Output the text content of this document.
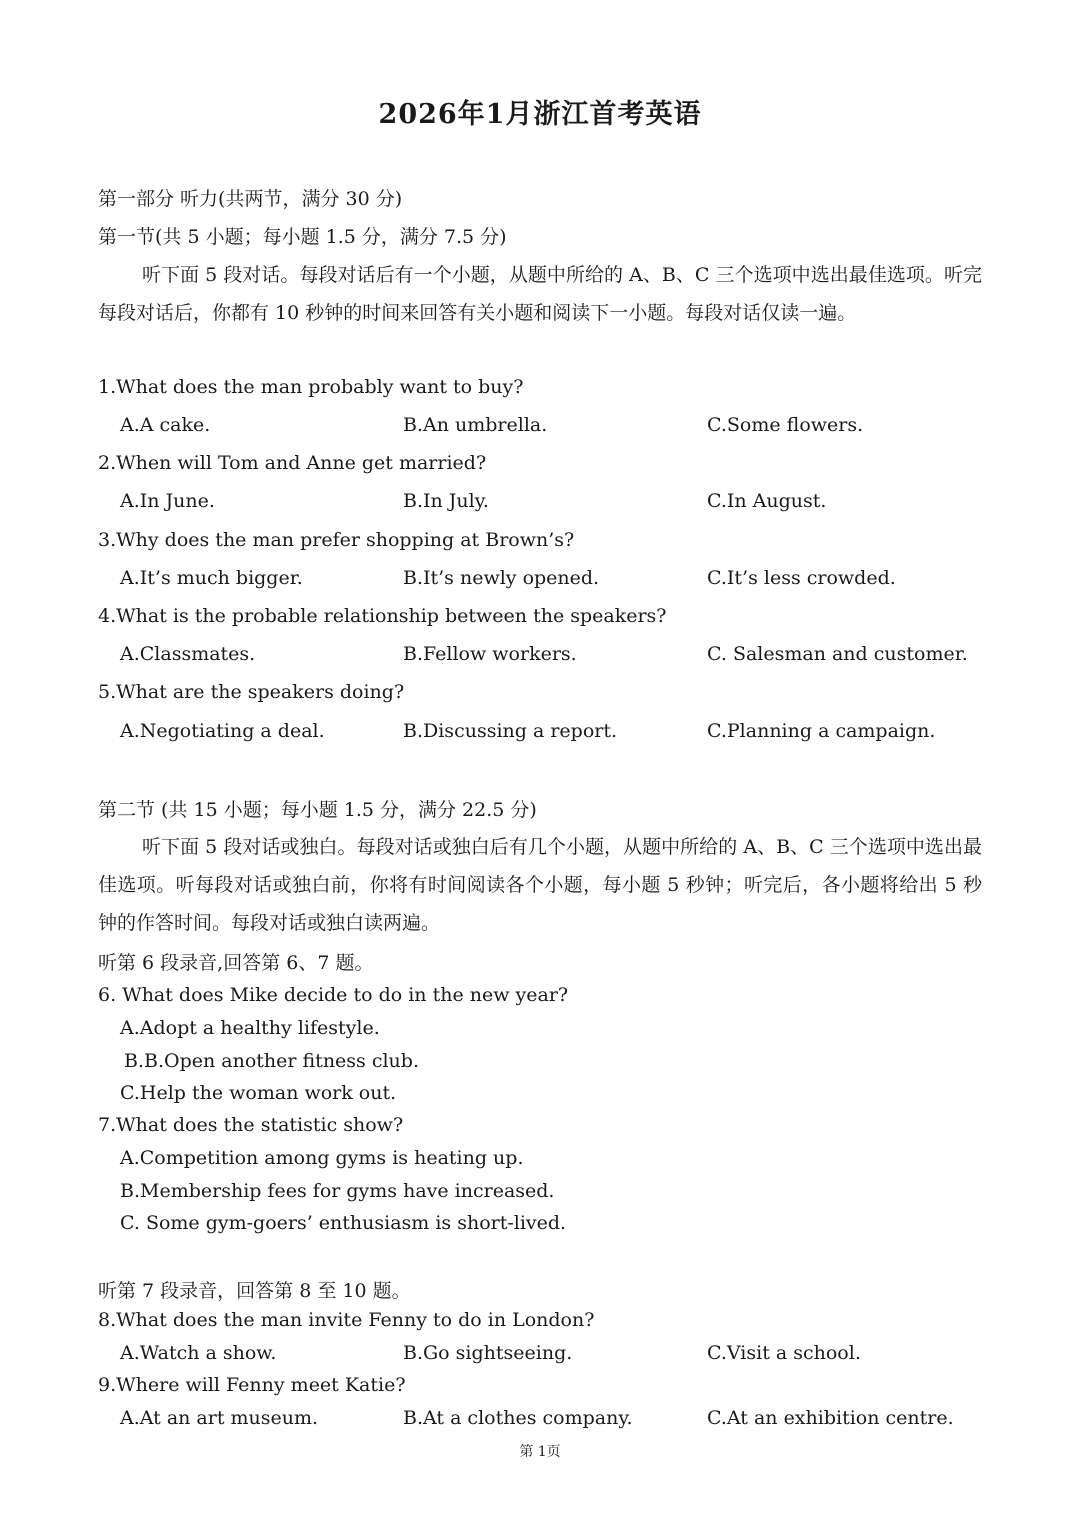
2026年1月浙江首考英语
第一部分 听力(共两节，满分 30 分)
第一节(共 5 小题；每小题 1.5 分，满分 7.5 分)
听下面 5 段对话。每段对话后有一个小题，从题中所给的 A、B、C 三个选项中选出最佳选项。听完每段对话后，你都有 10 秒钟的时间来回答有关小题和阅读下一小题。每段对话仅读一遍。
1.What does the man probably want to buy?
A.A cake.	B.An umbrella.	C.Some flowers.
2.When will Tom and Anne get married?
A.In June.	B.In July.	C.In August.
3.Why does the man prefer shopping at Brown’s?
A.It’s much bigger.	B.It’s newly opened.	C.It’s less crowded.
4.What is the probable relationship between the speakers?
A.Classmates.	B.Fellow workers.	C. Salesman and customer.
5.What are the speakers doing?
A.Negotiating a deal.	B.Discussing a report.	C.Planning a campaign.
第二节 (共 15 小题；每小题 1.5 分，满分 22.5 分)
听下面 5 段对话或独白。每段对话或独白后有几个小题，从题中所给的 A、B、C 三个选项中选出最佳选项。听每段对话或独白前，你将有时间阅读各个小题，每小题 5 秒钟；听完后，各小题将给出 5 秒钟的作答时间。每段对话或独白读两遍。
听第 6 段录音,回答第 6、7 题。
6. What does Mike decide to do in the new year?
A.Adopt a healthy lifestyle.
B.B.Open another fitness club.
C.Help the woman work out.
7.What does the statistic show?
A.Competition among gyms is heating up.
B.Membership fees for gyms have increased.
C. Some gym-goers’ enthusiasm is short-lived.
听第 7 段录音，回答第 8 至 10 题。
8.What does the man invite Fenny to do in London?
A.Watch a show.	B.Go sightseeing.	C.Visit a school.
9.Where will Fenny meet Katie?
A.At an art museum.	B.At a clothes company.	C.At an exhibition centre.
第 1页
